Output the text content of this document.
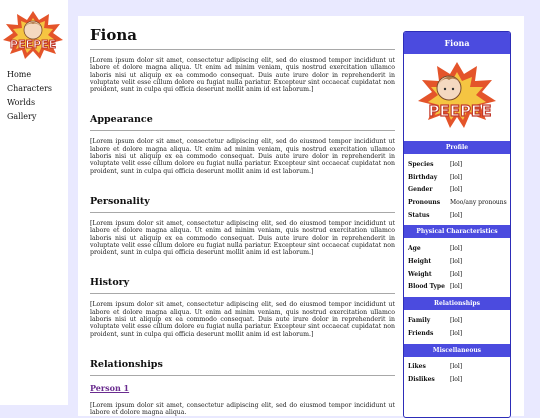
PEEPEE
Home
Characters
Worlds
Gallery
Fiona

[Lorem ipsum dolor sit amet, consectetur adipiscing elit, sed do eiusmod tempor incididunt ut labore et dolore magna aliqua. Ut enim ad minim veniam, quis nostrud exercitation ullamco laboris nisi ut aliquip ex ea commodo consequat. Duis aute irure dolor in reprehenderit in voluptate velit esse cillum dolore eu fugiat nulla pariatur. Excepteur sint occaecat cupidatat non proident, sunt in culpa qui officia deserunt mollit anim id est laborum.]

Appearance

[Lorem ipsum dolor sit amet, consectetur adipiscing elit, sed do eiusmod tempor incididunt ut labore et dolore magna aliqua. Ut enim ad minim veniam, quis nostrud exercitation ullamco laboris nisi ut aliquip ex ea commodo consequat. Duis aute irure dolor in reprehenderit in voluptate velit esse cillum dolore eu fugiat nulla pariatur. Excepteur sint occaecat cupidatat non proident, sunt in culpa qui officia deserunt mollit anim id est laborum.]

Personality

[Lorem ipsum dolor sit amet, consectetur adipiscing elit, sed do eiusmod tempor incididunt ut labore et dolore magna aliqua. Ut enim ad minim veniam, quis nostrud exercitation ullamco laboris nisi ut aliquip ex ea commodo consequat. Duis aute irure dolor in reprehenderit in voluptate velit esse cillum dolore eu fugiat nulla pariatur. Excepteur sint occaecat cupidatat non proident, sunt in culpa qui officia deserunt mollit anim id est laborum.]

History

[Lorem ipsum dolor sit amet, consectetur adipiscing elit, sed do eiusmod tempor incididunt ut labore et dolore magna aliqua. Ut enim ad minim veniam, quis nostrud exercitation ullamco laboris nisi ut aliquip ex ea commodo consequat. Duis aute irure dolor in reprehenderit in voluptate velit esse cillum dolore eu fugiat nulla pariatur. Excepteur sint occaecat cupidatat non proident, sunt in culpa qui officia deserunt mollit anim id est laborum.]

Relationships

Person 1

[Lorem ipsum dolor sit amet, consectetur adipiscing elit, sed do eiusmod tempor incididunt ut labore et dolore magna aliqua.

Fiona
PEEPEE
Profile
Species	[lol]
Birthday	[lol]
Gender	[lol]
Pronouns	Moo/any pronouns
Status	[lol]
Physical Characteristics
Age	[lol]
Height	[lol]
Weight	[lol]
Blood Type	[lol]
Relationships
Family	[lol]
Friends	[lol]
Miscellaneous
Likes	[lol]
Dislikes	[lol]
